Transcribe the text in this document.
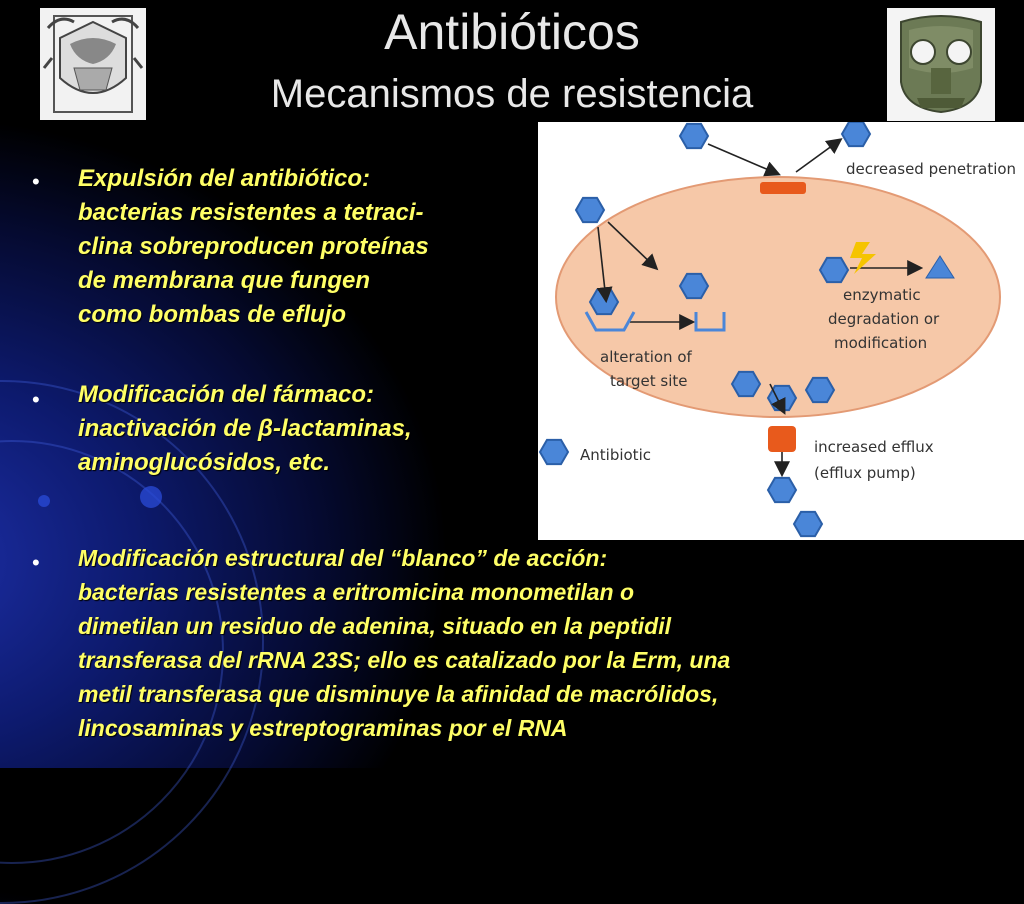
Antibióticos
Mecanismos de resistencia
• Expulsión del antibiótico:
bacterias resistentes a tetraci-
clina sobreproducen proteínas
de membrana que fungen
como bombas de eflujo

• Modificación del fármaco:
inactivación de β-lactaminas,
aminoglucósidos, etc.

• Modificación estructural del “blanco” de acción:
bacterias resistentes a eritromicina monometilan o
dimetilan un residuo de adenina, situado en la peptidil
transferasa del rRNA 23S; ello es catalizado por la Erm, una
metil transferasa que disminuye la afinidad de macrólidos,
lincosaminas y estreptograminas por el RNA

decreased penetration
enzymatic
degradation or
modification
alteration of
target site
Antibiotic	increased efflux
(efflux pump)
